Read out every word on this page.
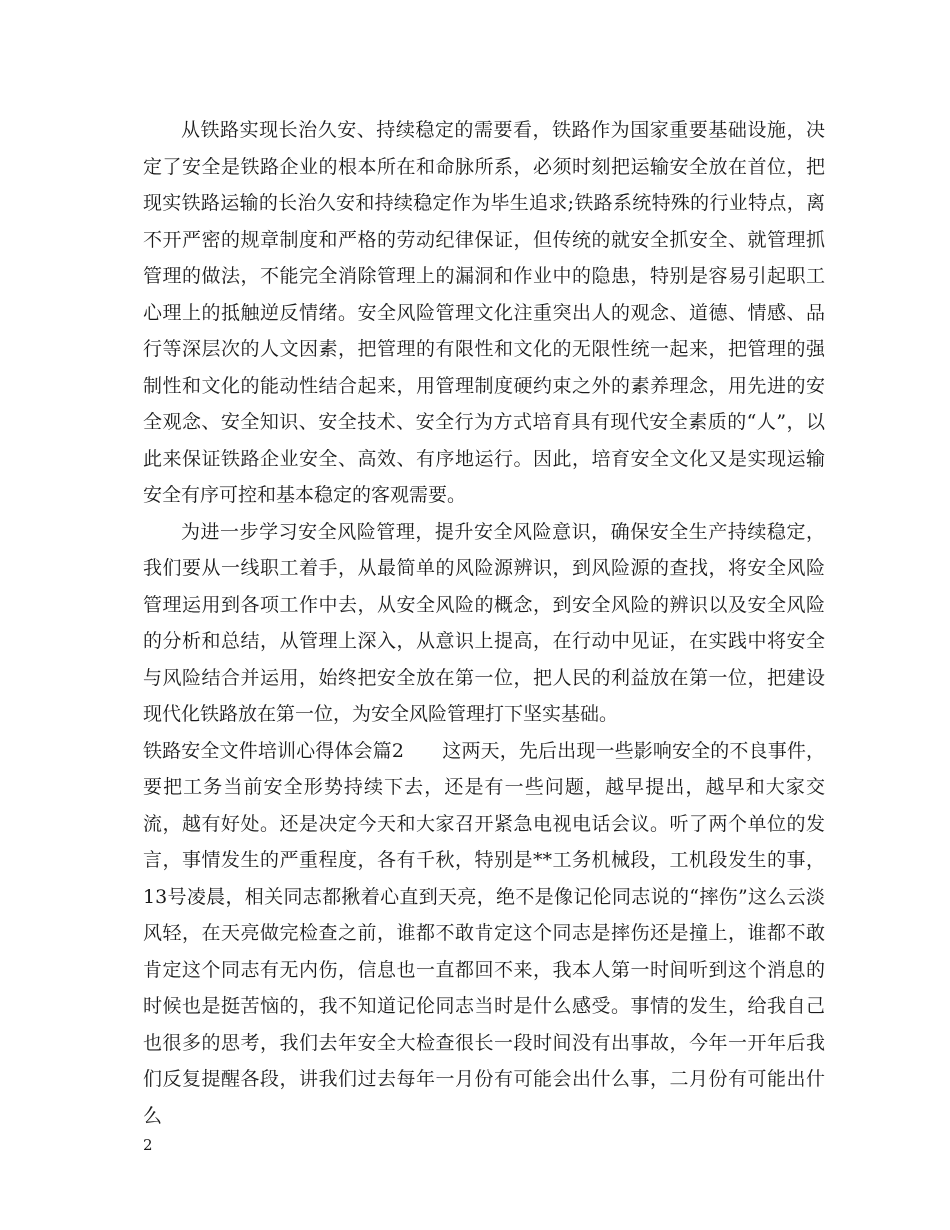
从铁路实现长治久安、持续稳定的需要看，铁路作为国家重要基础设施，决定了安全是铁路企业的根本所在和命脉所系，必须时刻把运输安全放在首位，把现实铁路运输的长治久安和持续稳定作为毕生追求;铁路系统特殊的行业特点，离不开严密的规章制度和严格的劳动纪律保证，但传统的就安全抓安全、就管理抓管理的做法，不能完全消除管理上的漏洞和作业中的隐患，特别是容易引起职工心理上的抵触逆反情绪。安全风险管理文化注重突出人的观念、道德、情感、品行等深层次的人文因素，把管理的有限性和文化的无限性统一起来，把管理的强制性和文化的能动性结合起来，用管理制度硬约束之外的素养理念，用先进的安全观念、安全知识、安全技术、安全行为方式培育具有现代安全素质的“人”，以此来保证铁路企业安全、高效、有序地运行。因此，培育安全文化又是实现运输安全有序可控和基本稳定的客观需要。

为进一步学习安全风险管理，提升安全风险意识，确保安全生产持续稳定，我们要从一线职工着手，从最简单的风险源辨识，到风险源的查找，将安全风险管理运用到各项工作中去，从安全风险的概念，到安全风险的辨识以及安全风险的分析和总结，从管理上深入，从意识上提高，在行动中见证，在实践中将安全与风险结合并运用，始终把安全放在第一位，把人民的利益放在第一位，把建设现代化铁路放在第一位，为安全风险管理打下坚实基础。

铁路安全文件培训心得体会篇2　　这两天，先后出现一些影响安全的不良事件，要把工务当前安全形势持续下去，还是有一些问题，越早提出，越早和大家交流，越有好处。还是决定今天和大家召开紧急电视电话会议。听了两个单位的发言，事情发生的严重程度，各有千秋，特别是**工务机械段，工机段发生的事，13号凌晨，相关同志都揪着心直到天亮，绝不是像记伦同志说的“摔伤”这么云淡风轻，在天亮做完检查之前，谁都不敢肯定这个同志是摔伤还是撞上，谁都不敢肯定这个同志有无内伤，信息也一直都回不来，我本人第一时间听到这个消息的时候也是挺苦恼的，我不知道记伦同志当时是什么感受。事情的发生，给我自己也很多的思考，我们去年安全大检查很长一段时间没有出事故，今年一开年后我们反复提醒各段，讲我们过去每年一月份有可能会出什么事，二月份有可能出什么

2
